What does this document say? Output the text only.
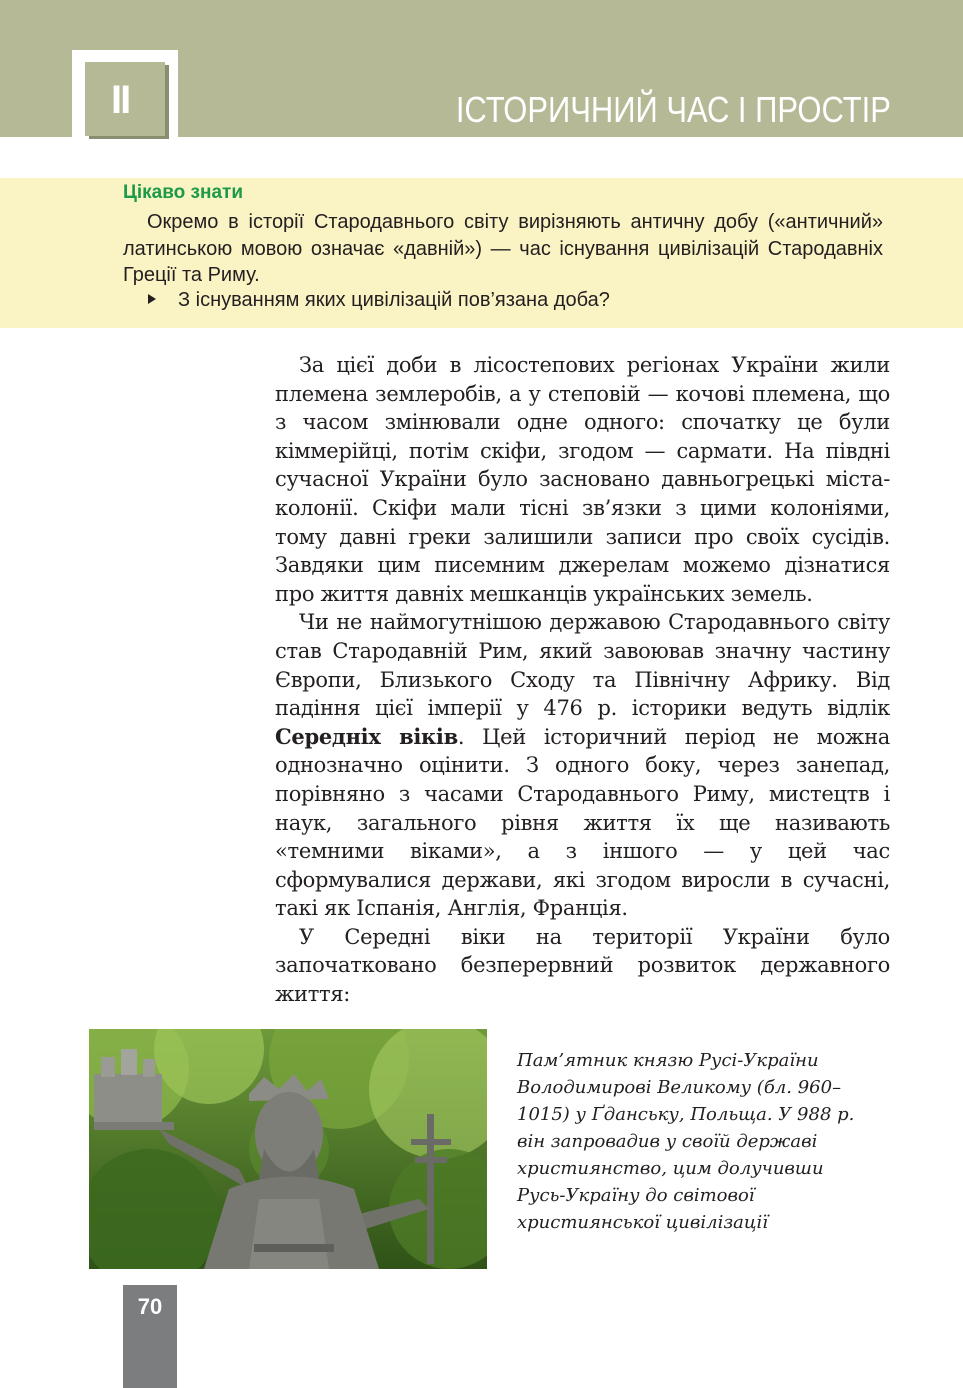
II	ІСТОРИЧНИЙ ЧАС І ПРОСТІР
Цікаво знати
Окремо в історії Стародавнього світу вирізняють античну добу («античний» латинською мовою означає «давній») — час існування цивілізацій Стародавніх Греції та Риму.
З існуванням яких цивілізацій пов’язана доба?

За цієї доби в лісостепових регіонах України жили племена землеробів, а у степовій — кочові племена, що з часом змінювали одне одного: спочатку це були кіммерійці, потім скіфи, згодом — сармати. На півдні сучасної України було засновано давньогрецькі міста-колонії. Скіфи мали тісні зв’язки з цими колоніями, тому давні греки залишили записи про своїх сусідів. Завдяки цим писемним джерелам можемо дізнатися про життя давніх мешканців українських земель.

Чи не наймогутнішою державою Стародавнього світу став Стародавній Рим, який завоював значну частину Європи, Близького Сходу та Північну Африку. Від падіння цієї імперії у 476 р. історики ведуть відлік Середніх віків. Цей історичний період не можна однозначно оцінити. З одного боку, через занепад, порівняно з часами Стародавнього Риму, мистецтв і наук, загального рівня життя їх ще називають «темними віками», а з іншого — у цей час сформувалися держави, які згодом виросли в сучасні, такі як Іспанія, Англія, Франція.

У Середні віки на території України було започатковано безперервний розвиток державного життя:

Пам’ятник князю Русі-України Володимирові Великому (бл. 960–1015) у Ґданську, Польща. У 988 р. він запровадив у своїй державі християнство, цим долучивши Русь-Україну до світової християнської цивілізації
70
